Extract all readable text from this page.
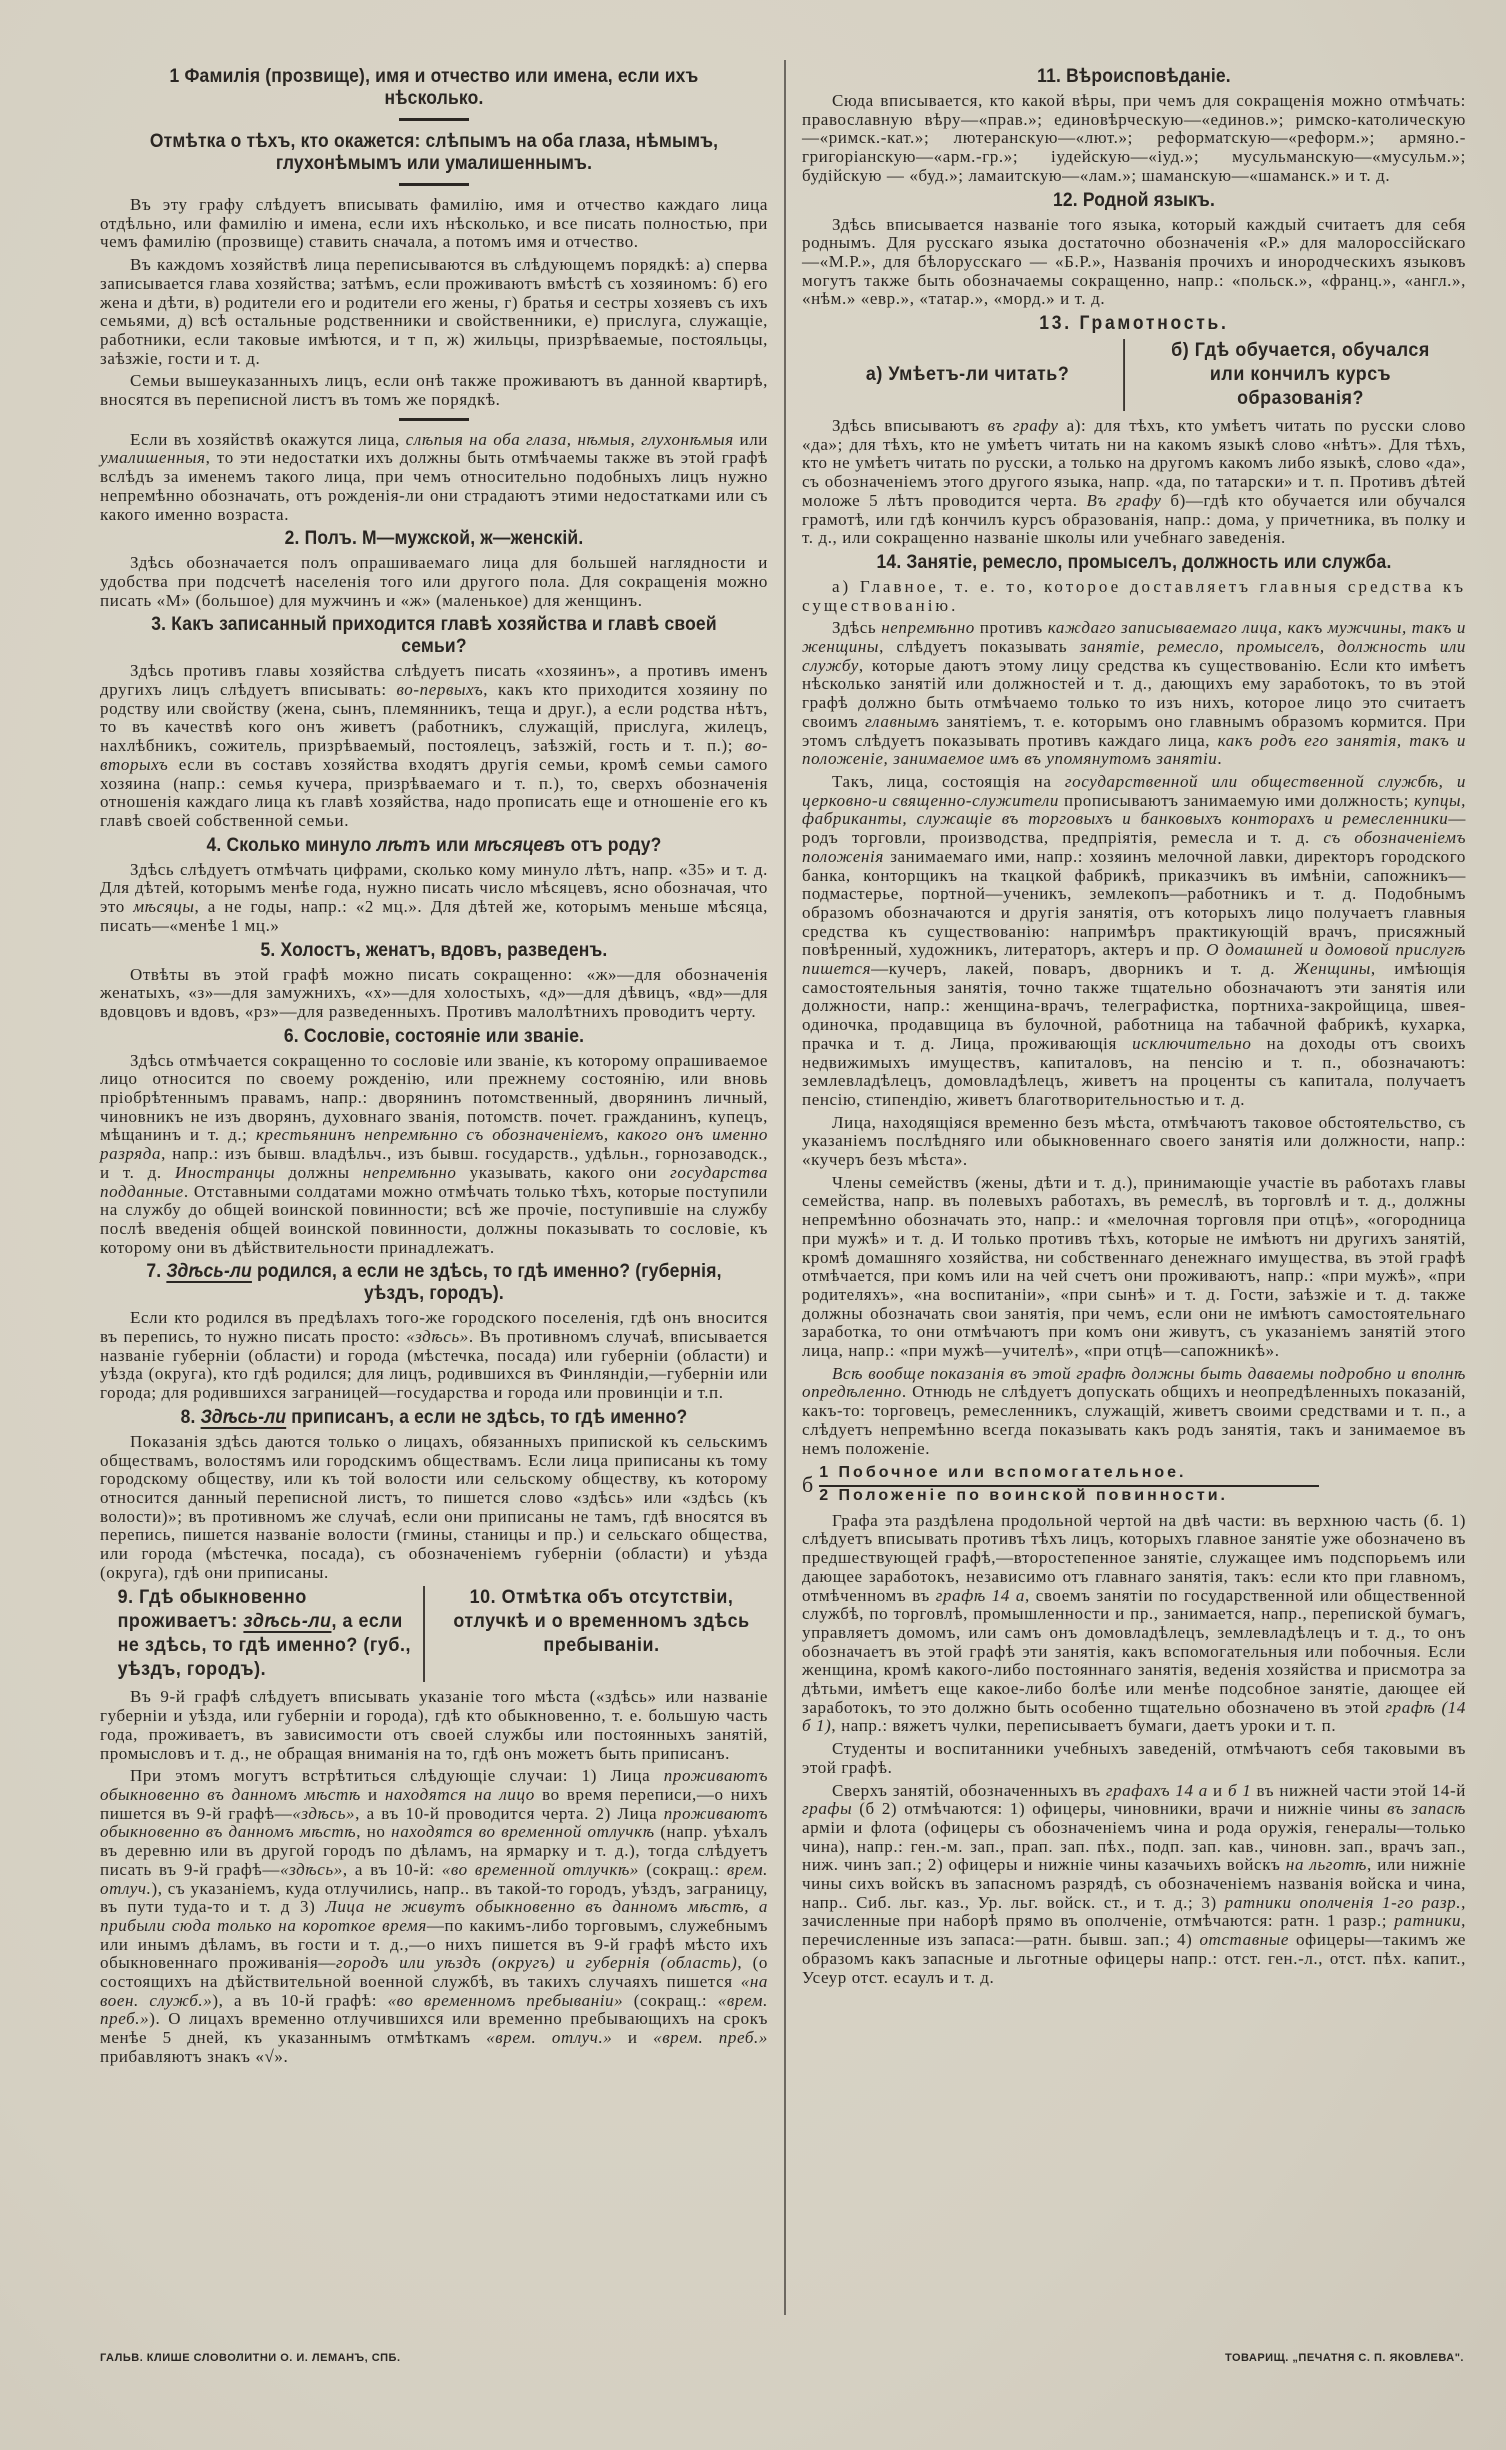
1 Фамилія (прозвище), имя и отчество или имена, если ихъ нѣсколько.
Отмѣтка о тѣхъ, кто окажется: слѣпымъ на оба глаза, нѣмымъ, глухонѣмымъ или умалишеннымъ.

Въ эту графу слѣдуетъ вписывать фамилію, имя и отчество каждаго лица отдѣльно, или фамилію и имена, если ихъ нѣсколько, и все писать полностью, при чемъ фамилію (прозвище) ставить сначала, а потомъ имя и отчество.

Въ каждомъ хозяйствѣ лица переписываются въ слѣдующемъ порядкѣ: а) сперва записывается глава хозяйства; затѣмъ, если проживаютъ вмѣстѣ съ хозяиномъ: б) его жена и дѣти, в) родители его и родители его жены, г) братья и сестры хозяевъ съ ихъ семьями, д) всѣ остальные родственники и свойственники, е) прислуга, служащіе, работники, если таковые имѣются, и т п, ж) жильцы, призрѣваемые, постояльцы, заѣзжіе, гости и т. д.

Семьи вышеуказанныхъ лицъ, если онѣ также проживаютъ въ данной квартирѣ, вносятся въ переписной листъ въ томъ же порядкѣ.

Если въ хозяйствѣ окажутся лица, слѣпыя на оба глаза, нѣмыя, глухонѣмыя или умалишенныя, то эти недостатки ихъ должны быть отмѣчаемы также въ этой графѣ вслѣдъ за именемъ такого лица, при чемъ относительно подобныхъ лицъ нужно непремѣнно обозначать, отъ рожденія-ли они страдаютъ этими недостатками или съ какого именно возраста.

2. Полъ. М—мужской, ж—женскій.

Здѣсь обозначается полъ опрашиваемаго лица для большей наглядности и удобства при подсчетѣ населенія того или другого пола. Для сокращенія можно писать «М» (большое) для мужчинъ и «ж» (маленькое) для женщинъ.

3. Какъ записанный приходится главѣ хозяйства и главѣ своей семьи?

Здѣсь противъ главы хозяйства слѣдуетъ писать «хозяинъ», а противъ именъ другихъ лицъ слѣдуетъ вписывать: во-первыхъ, какъ кто приходится хозяину по родству или свойству (жена, сынъ, племянникъ, теща и друг.), а если родства нѣтъ, то въ качествѣ кого онъ живетъ (работникъ, служащій, прислуга, жилецъ, нахлѣбникъ, сожитель, призрѣваемый, постоялецъ, заѣзжій, гость и т. п.); во-вторыхъ если въ составъ хозяйства входятъ другія семьи, кромѣ семьи самого хозяина (напр.: семья кучера, призрѣваемаго и т. п.), то, сверхъ обозначенія отношенія каждаго лица къ главѣ хозяйства, надо прописать еще и отношеніе его къ главѣ своей собственной семьи.

4. Сколько минуло лѣтъ или мѣсяцевъ отъ роду?

Здѣсь слѣдуетъ отмѣчать цифрами, сколько кому минуло лѣтъ, напр. «35» и т. д. Для дѣтей, которымъ менѣе года, нужно писать число мѣсяцевъ, ясно обозначая, что это мѣсяцы, а не годы, напр.: «2 мц.». Для дѣтей же, которымъ меньше мѣсяца, писать—«менѣе 1 мц.»

5. Холостъ, женатъ, вдовъ, разведенъ.

Отвѣты въ этой графѣ можно писать сокращенно: «ж»—для обозначенія женатыхъ, «з»—для замужнихъ, «х»—для холостыхъ, «д»—для дѣвицъ, «вд»—для вдовцовъ и вдовъ, «рз»—для разведенныхъ. Противъ малолѣтнихъ проводитъ черту.

6. Сословіе, состояніе или званіе.

Здѣсь отмѣчается сокращенно то сословіе или званіе, къ которому опрашиваемое лицо относится по своему рожденію, или прежнему состоянію, или вновь пріобрѣтеннымъ правамъ, напр.: дворянинъ потомственный, дворянинъ личный, чиновникъ не изъ дворянъ, духовнаго званія, потомств. почет. гражданинъ, купецъ, мѣщанинъ и т. д.; крестьянинъ непремѣнно съ обозначеніемъ, какого онъ именно разряда, напр.: изъ бывш. владѣльч., изъ бывш. государств., удѣльн., горнозаводск., и т. д. Иностранцы должны непремѣнно указывать, какого они государства подданные. Отставными солдатами можно отмѣчать только тѣхъ, которые поступили на службу до общей воинской повинности; всѣ же прочіе, поступившіе на службу послѣ введенія общей воинской повинности, должны показывать то сословіе, къ которому они въ дѣйствительности принадлежатъ.

7. Здѣсь-ли родился, а если не здѣсь, то гдѣ именно? (губернія, уѣздъ, городъ).

Если кто родился въ предѣлахъ того-же городского поселенія, гдѣ онъ вносится въ перепись, то нужно писать просто: «здѣсь». Въ противномъ случаѣ, вписывается названіе губерніи (области) и города (мѣстечка, посада) или губерніи (области) и уѣзда (округа), кто гдѣ родился; для лицъ, родившихся въ Финляндіи,—губерніи или города; для родившихся заграницей—государства и города или провинціи и т.п.

8. Здѣсь-ли приписанъ, а если не здѣсь, то гдѣ именно?

Показанія здѣсь даются только о лицахъ, обязанныхъ припиской къ сельскимъ обществамъ, волостямъ или городскимъ обществамъ. Если лица приписаны къ тому городскому обществу, или къ той волости или сельскому обществу, къ которому относится данный переписной листъ, то пишется слово «здѣсь» или «здѣсь (къ волости)»; въ противномъ же случаѣ, если они приписаны не тамъ, гдѣ вносятся въ перепись, пишется названіе волости (гмины, станицы и пр.) и сельскаго общества, или города (мѣстечка, посада), съ обозначеніемъ губерніи (области) и уѣзда (округа), гдѣ они приписаны.

9. Гдѣ обыкновенно проживаетъ: здѣсь-ли, а если не здѣсь, то гдѣ именно? (губ., уѣздъ, городъ).
10. Отмѣтка объ отсутствіи, отлучкѣ и о временномъ здѣсь пребываніи.

Въ 9-й графѣ слѣдуетъ вписывать указаніе того мѣста («здѣсь» или названіе губерніи и уѣзда, или губерніи и города), гдѣ кто обыкновенно, т. е. большую часть года, проживаетъ, въ зависимости отъ своей службы или постоянныхъ занятій, промысловъ и т. д., не обращая вниманія на то, гдѣ онъ можетъ быть приписанъ.

При этомъ могутъ встрѣтиться слѣдующіе случаи: 1) Лица проживаютъ обыкновенно въ данномъ мѣстѣ и находятся на лицо во время переписи,—о нихъ пишется въ 9-й графѣ—«здѣсь», а въ 10-й проводится черта. 2) Лица проживаютъ обыкновенно въ данномъ мѣстѣ, но находятся во временной отлучкѣ (напр. уѣхалъ въ деревню или въ другой городъ по дѣламъ, на ярмарку и т. д.), тогда слѣдуетъ писать въ 9-й графѣ—«здѣсь», а въ 10-й: «во временной отлучкѣ» (сокращ.: врем. отлуч.), съ указаніемъ, куда отлучились, напр.. въ такой-то городъ, уѣздъ, заграницу, въ пути туда-то и т. д 3) Лица не живутъ обыкновенно въ данномъ мѣстѣ, а прибыли сюда только на короткое время—по какимъ-либо торговымъ, служебнымъ или инымъ дѣламъ, въ гости и т. д.,—о нихъ пишется въ 9-й графѣ мѣсто ихъ обыкновеннаго проживанія—городъ или уѣздъ (округъ) и губернія (область), (о состоящихъ на дѣйствительной военной службѣ, въ такихъ случаяхъ пишется «на воен. служб.»), а въ 10-й графѣ: «во временномъ пребываніи» (сокращ.: «врем. преб.»). О лицахъ временно отлучившихся или временно пребывающихъ на срокъ менѣе 5 дней, къ указаннымъ отмѣткамъ «врем. отлуч.» и «врем. преб.» прибавляютъ знакъ «√».

11. Вѣроисповѣданіе.

Сюда вписывается, кто какой вѣры, при чемъ для сокращенія можно отмѣчать: православную вѣру—«прав.»; единовѣрческую—«единов.»; римско-католическую—«римск.-кат.»; лютеранскую—«лют.»; реформатскую—«реформ.»; армяно.-григоріанскую—«арм.-гр.»; іудейскую—«іуд.»; мусульманскую—«мусульм.»; будійскую — «буд.»; ламаитскую—«лам.»; шаманскую—«шаманск.» и т. д.

12. Родной языкъ.

Здѣсь вписывается названіе того языка, который каждый считаетъ для себя роднымъ. Для русскаго языка достаточно обозначенія «Р.» для малороссійскаго—«М.Р.», для бѣлорусскаго — «Б.Р.», Названія прочихъ и инородческихъ языковъ могутъ также быть обозначаемы сокращенно, напр.: «польск.», «франц.», «англ.», «нѣм.» «евр.», «татар.», «морд.» и т. д.

13. Грамотность.
а) Умѣетъ-ли читать?
б) Гдѣ обучается, обучался или кончилъ курсъ образованія?

Здѣсь вписываютъ въ графу а): для тѣхъ, кто умѣетъ читать по русски слово «да»; для тѣхъ, кто не умѣетъ читать ни на какомъ языкѣ слово «нѣтъ». Для тѣхъ, кто не умѣетъ читать по русски, а только на другомъ какомъ либо языкѣ, слово «да», съ обозначеніемъ этого другого языка, напр. «да, по татарски» и т. п. Противъ дѣтей моложе 5 лѣтъ проводится черта. Въ графу б)—гдѣ кто обучается или обучался грамотѣ, или гдѣ кончилъ курсъ образованія, напр.: дома, у причетника, въ полку и т. д., или сокращенно названіе школы или учебнаго заведенія.

14. Занятіе, ремесло, промыселъ, должность или служба.

а) Главное, т. е. то, которое доставляетъ главныя средства къ существованію.

Здѣсь непремѣнно противъ каждаго записываемаго лица, какъ мужчины, такъ и женщины, слѣдуетъ показывать занятіе, ремесло, промыселъ, должность или службу, которые даютъ этому лицу средства къ существованію. Если кто имѣетъ нѣсколько занятій или должностей и т. д., дающихъ ему заработокъ, то въ этой графѣ должно быть отмѣчаемо только то изъ нихъ, которое лицо это считаетъ своимъ главнымъ занятіемъ, т. е. которымъ оно главнымъ образомъ кормится. При этомъ слѣдуетъ показывать противъ каждаго лица, какъ родъ его занятія, такъ и положеніе, занимаемое имъ въ упомянутомъ занятіи.

Такъ, лица, состоящія на государственной или общественной службѣ, и церковно-и священно-служители прописываютъ занимаемую ими должность; купцы, фабриканты, служащіе въ торговыхъ и банковыхъ конторахъ и ремесленники—родъ торговли, производства, предпріятія, ремесла и т. д. съ обозначеніемъ положенія занимаемаго ими, напр.: хозяинъ мелочной лавки, директоръ городского банка, конторщикъ на ткацкой фабрикѣ, приказчикъ въ имѣніи, сапожникъ—подмастерье, портной—ученикъ, землекопъ—работникъ и т. д. Подобнымъ образомъ обозначаются и другія занятія, отъ которыхъ лицо получаетъ главныя средства къ существованію: напримѣръ практикующій врачъ, присяжный повѣренный, художникъ, литераторъ, актеръ и пр. О домашней и домовой прислугѣ пишется—кучеръ, лакей, поваръ, дворникъ и т. д. Женщины, имѣющія самостоятельныя занятія, точно также тщательно обозначаютъ эти занятія или должности, напр.: женщина-врачъ, телеграфистка, портниха-закройщица, швея-одиночка, продавщица въ булочной, работница на табачной фабрикѣ, кухарка, прачка и т. д. Лица, проживающія исключительно на доходы отъ своихъ недвижимыхъ имуществъ, капиталовъ, на пенсію и т. п., обозначаютъ: землевладѣлецъ, домовладѣлецъ, живетъ на проценты съ капитала, получаетъ пенсію, стипендію, живетъ благотворительностью и т. д.

Лица, находящіяся временно безъ мѣста, отмѣчаютъ таковое обстоятельство, съ указаніемъ послѣдняго или обыкновеннаго своего занятія или должности, напр.: «кучеръ безъ мѣста».

Члены семействъ (жены, дѣти и т. д.), принимающіе участіе въ работахъ главы семейства, напр. въ полевыхъ работахъ, въ ремеслѣ, въ торговлѣ и т. д., должны непремѣнно обозначать это, напр.: и «мелочная торговля при отцѣ», «огородница при мужѣ» и т. д. И только противъ тѣхъ, которые не имѣютъ ни другихъ занятій, кромѣ домашняго хозяйства, ни собственнаго денежнаго имущества, въ этой графѣ отмѣчается, при комъ или на чей счетъ они проживаютъ, напр.: «при мужѣ», «при родителяхъ», «на воспитаніи», «при сынѣ» и т. д. Гости, заѣзжіе и т. д. также должны обозначать свои занятія, при чемъ, если они не имѣютъ самостоятельнаго заработка, то они отмѣчаютъ при комъ они живутъ, съ указаніемъ занятій этого лица, напр.: «при мужѣ—учителѣ», «при отцѣ—сапожникѣ».

Всѣ вообще показанія въ этой графѣ должны быть даваемы подробно и вполнѣ опредѣленно. Отнюдь не слѣдуетъ допускать общихъ и неопредѣленныхъ показаній, какъ-то: торговецъ, ремесленникъ, служащій, живетъ своими средствами и т. п., а слѣдуетъ непремѣнно всегда показывать какъ родъ занятія, такъ и занимаемое въ немъ положеніе.

б 1 Побочное или вспомогательное.
2 Положеніе по воинской повинности.

Графа эта раздѣлена продольной чертой на двѣ части: въ верхнюю часть (б. 1) слѣдуетъ вписывать противъ тѣхъ лицъ, которыхъ главное занятіе уже обозначено въ предшествующей графѣ,—второстепенное занятіе, служащее имъ подспорьемъ или дающее заработокъ, независимо отъ главнаго занятія, такъ: если кто при главномъ, отмѣченномъ въ графѣ 14 а, своемъ занятіи по государственной или общественной службѣ, по торговлѣ, промышленности и пр., занимается, напр., перепиской бумагъ, управляетъ домомъ, или самъ онъ домовладѣлецъ, землевладѣлецъ и т. д., то онъ обозначаетъ въ этой графѣ эти занятія, какъ вспомогательныя или побочныя. Если женщина, кромѣ какого-либо постояннаго занятія, веденія хозяйства и присмотра за дѣтьми, имѣетъ еще какое-либо болѣе или менѣе подсобное занятіе, дающее ей заработокъ, то это должно быть особенно тщательно обозначено въ этой графѣ (14 б 1), напр.: вяжетъ чулки, переписываетъ бумаги, даетъ уроки и т. п.

Студенты и воспитанники учебныхъ заведеній, отмѣчаютъ себя таковыми въ этой графѣ.

Сверхъ занятій, обозначенныхъ въ графахъ 14 а и б 1 въ нижней части этой 14-й графы (б 2) отмѣчаются: 1) офицеры, чиновники, врачи и нижніе чины въ запасѣ арміи и флота (офицеры съ обозначеніемъ чина и рода оружія, генералы—только чина), напр.: ген.-м. зап., прап. зап. пѣх., подп. зап. кав., чиновн. зап., врачъ зап., ниж. чинъ зап.; 2) офицеры и нижніе чины казачьихъ войскъ на льготѣ, или нижніе чины сихъ войскъ въ запасномъ разрядѣ, съ обозначеніемъ названія войска и чина, напр.. Сиб. льг. каз., Ур. льг. войск. ст., и т. д.; 3) ратники ополченія 1-го разр., зачисленные при наборѣ прямо въ ополченіе, отмѣчаются: ратн. 1 разр.; ратники, перечисленные изъ запаса:—ратн. бывш. зап.; 4) отставные офицеры—такимъ же образомъ какъ запасные и льготные офицеры напр.: отст. ген.-л., отст. пѣх. капит., Усеур отст. есаулъ и т. д.

ГАЛЬВ. КЛИШЕ СЛОВОЛИТНИ О. И. ЛЕМАНЪ, СПБ.	ТОВАРИЩ. „ПЕЧАТНЯ С. П. ЯКОВЛЕВА".
